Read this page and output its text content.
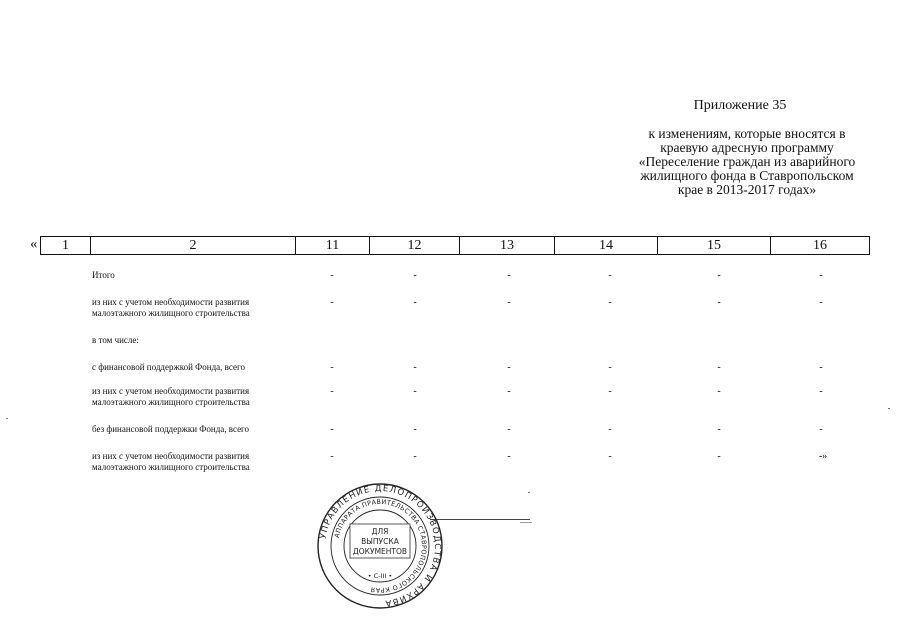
Приложение 35
к изменениям, которые вносятся в
краевую адресную программу
«Переселение граждан из аварийного
жилищного фонда в Ставропольском
крае в 2013-2017 годах»
«	1	2	11	12	13	14	15	16
Итого	-	-	-	-	-	-
из них с учетом необходимости развития
малоэтажного жилищного строительства
-	-	-	-	-	-
в том числе:
с финансовой поддержкой Фонда, всего	-	-	-	-	-	-
из них с учетом необходимости развития
малоэтажного жилищного строительства
-	-	-	-	-	-
без финансовой поддержки Фонда, всего	-	-	-	-	-	-
из них с учетом необходимости развития
малоэтажного жилищного строительства
-	-	-	-	-	-»
УПРАВЛЕНИЕ ДЕЛОПРОИЗВОДСТВА И АРХИВА
АППАРАТА ПРАВИТЕЛЬСТВА СТАВРОПОЛЬСКОГО КРАЯ
ДЛЯ
ВЫПУСКА
ДОКУМЕНТОВ
• С-III •
